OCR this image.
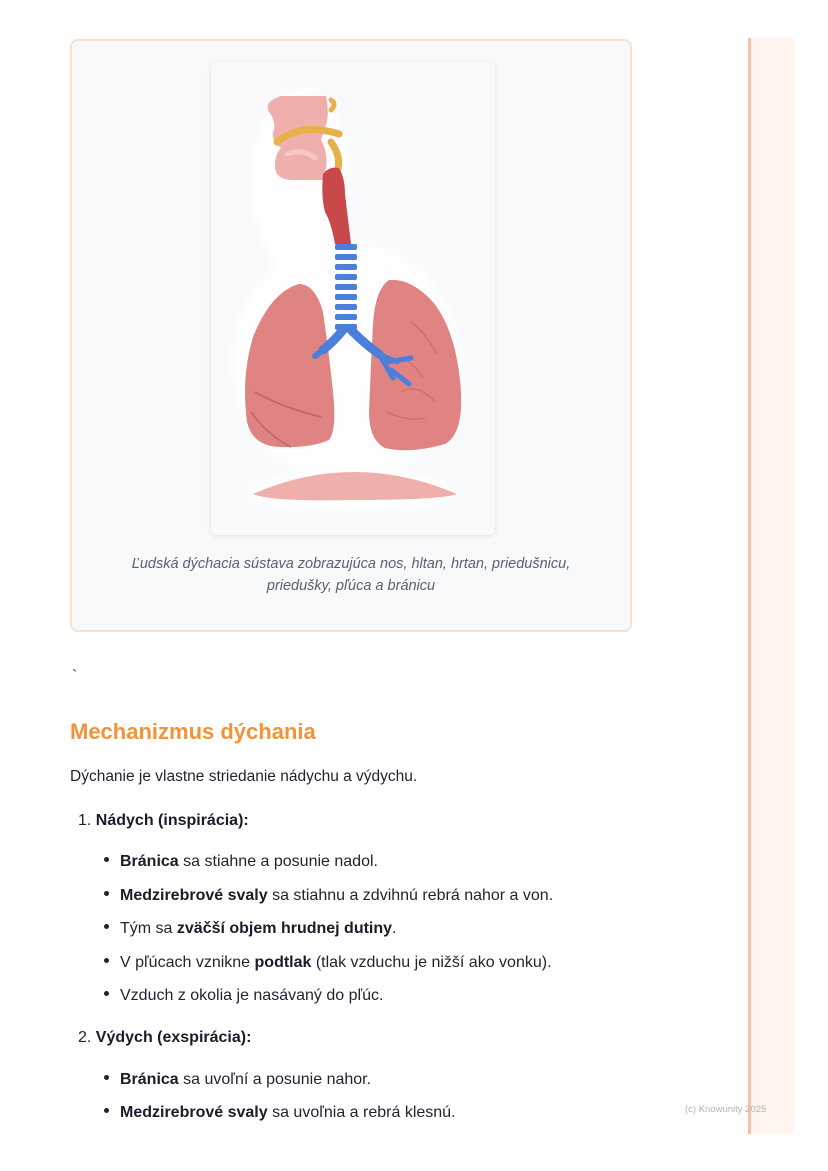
Ľudská dýchacia sústava zobrazujúca nos, hltan, hrtan, priedušnicu, priedušky, pľúca a bránicu
`
Mechanizmus dýchania

Dýchanie je vlastne striedanie nádychu a výdychu.

1. Nádych (inspirácia):
Bránica sa stiahne a posunie nadol.
Medzirebrové svaly sa stiahnu a zdvihnú rebrá nahor a von.
Tým sa zväčší objem hrudnej dutiny.
V pľúcach vznikne podtlak (tlak vzduchu je nižší ako vonku).
Vzduch z okolia je nasávaný do pľúc.
2. Výdych (exspirácia):
Bránica sa uvoľní a posunie nahor.
Medzirebrové svaly sa uvoľnia a rebrá klesnú.	(c) Knowunity 2025
